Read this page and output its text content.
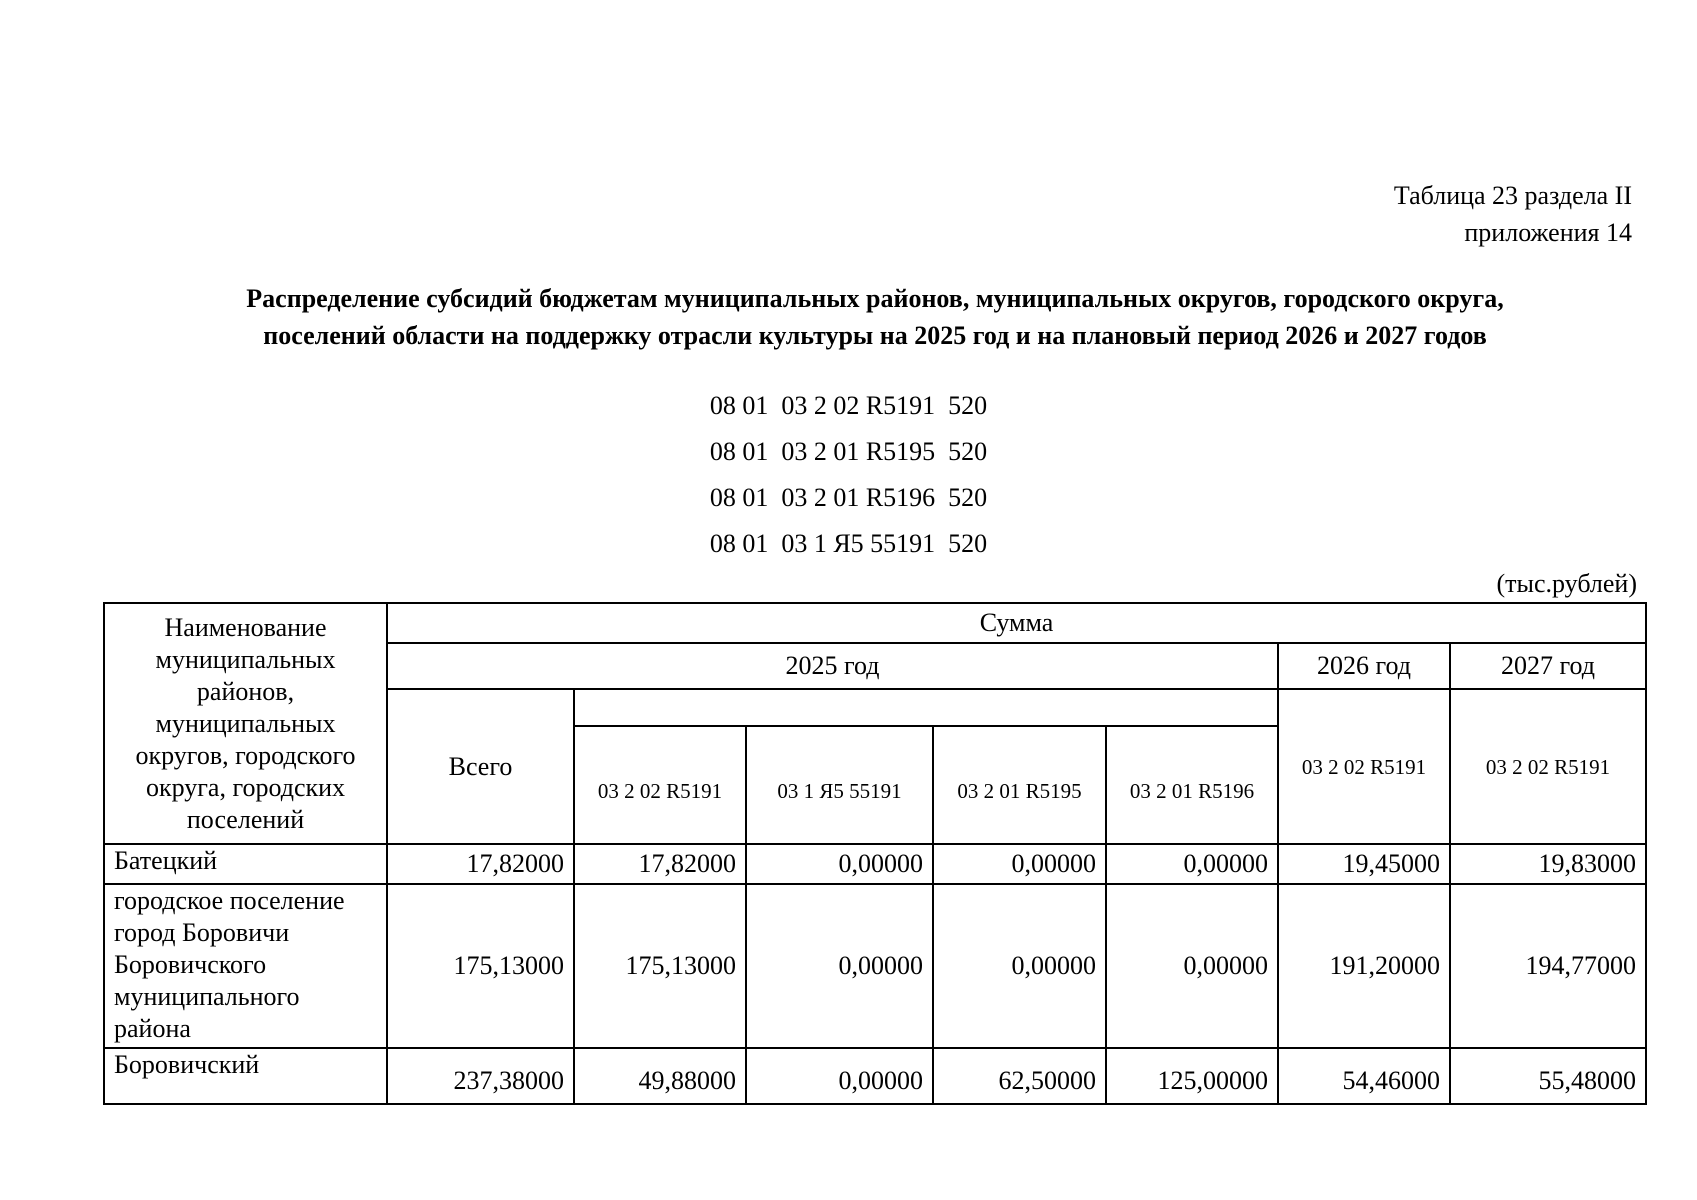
Таблица 23 раздела II
приложения 14
Распределение субсидий бюджетам муниципальных районов, муниципальных округов, городского округа,
поселений области на поддержку отрасли культуры на 2025 год и на плановый период 2026 и 2027 годов
08 01  03 2 02 R5191  520
08 01  03 2 01 R5195  520
08 01  03 2 01 R5196  520
08 01  03 1 Я5 55191  520
(тыс.рублей)
Наименование муниципальных районов, муниципальных округов, городского округа, городских поселений	Сумма						
	2025 год					2026 год	2027 год
	Всего					03 2 02 R5191	03 2 02 R5191
		03 2 02 R5191	03 1 Я5 55191	03 2 01 R5195	03 2 01 R5196		
Батецкий	17,82000	17,82000	0,00000	0,00000	0,00000	19,45000	19,83000
городское поселение город Боровичи Боровичского муниципального района	175,13000	175,13000	0,00000	0,00000	0,00000	191,20000	194,77000
Боровичский	237,38000	49,88000	0,00000	62,50000	125,00000	54,46000	55,48000
